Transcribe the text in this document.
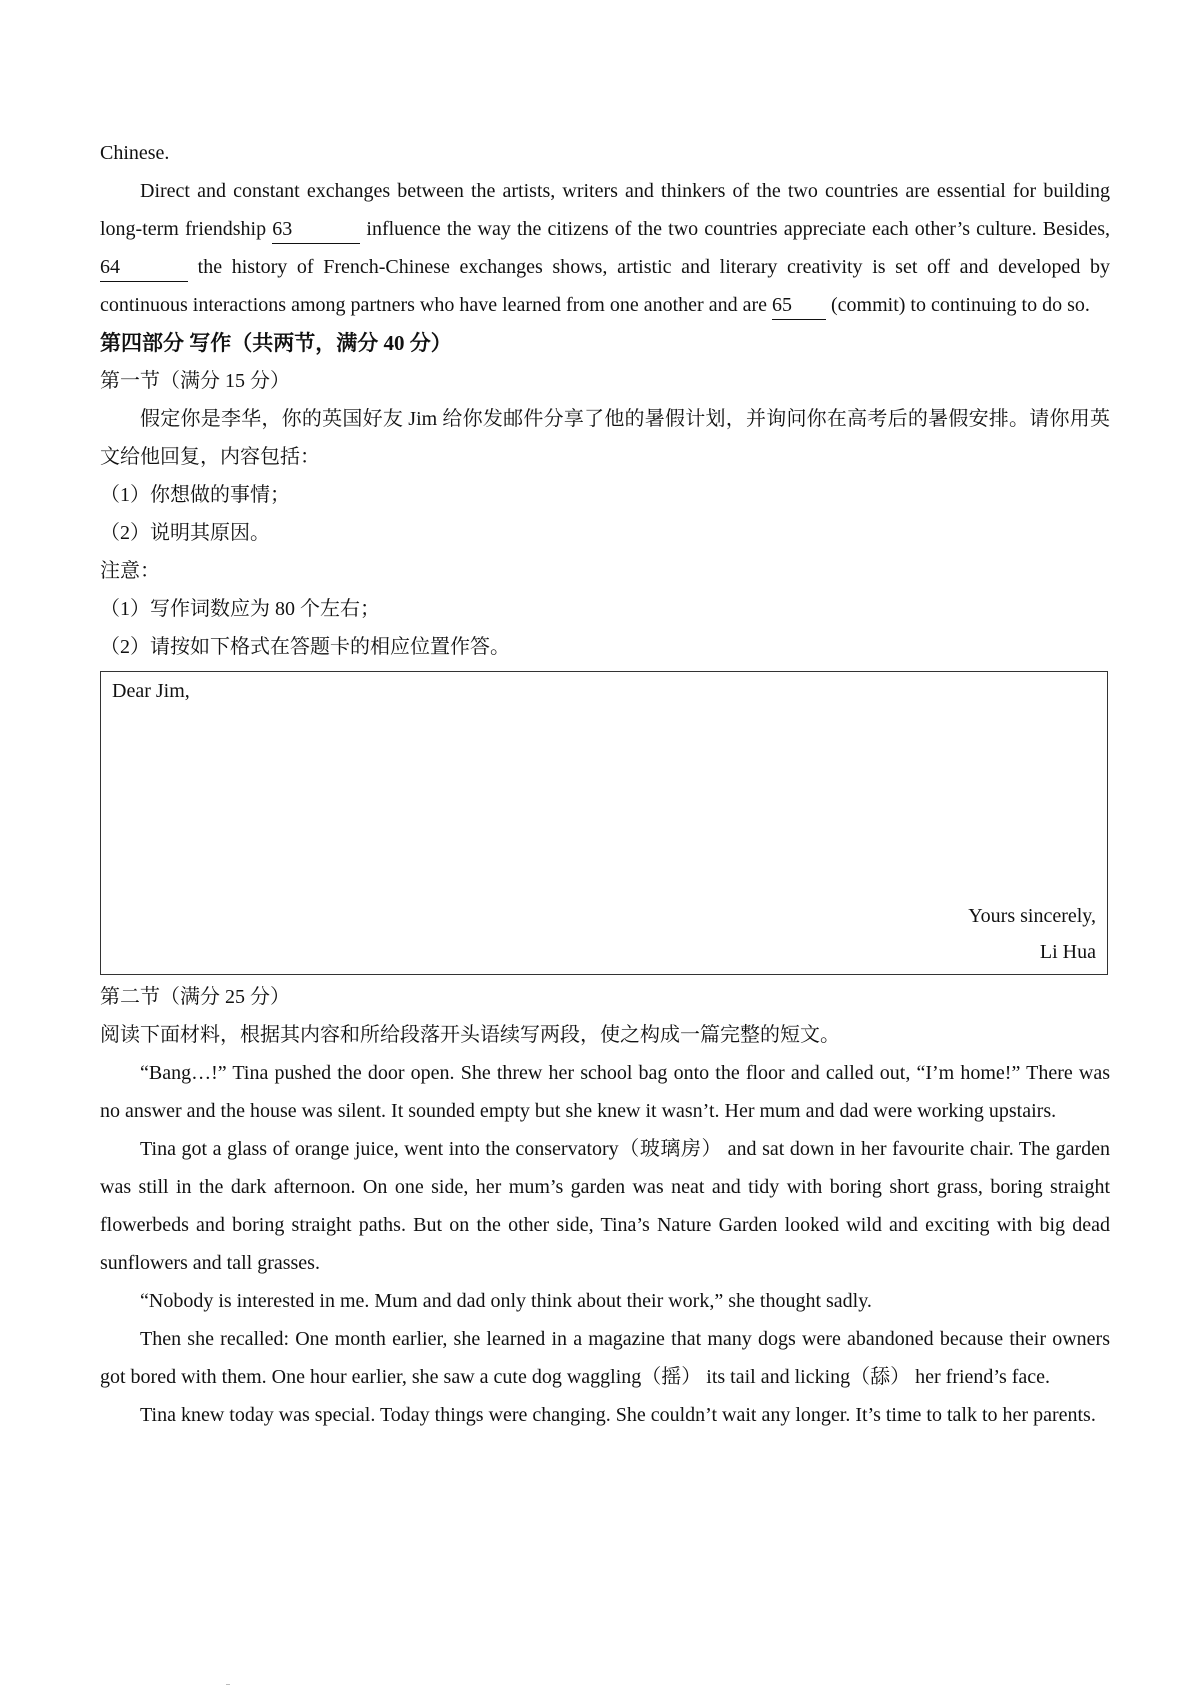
Chinese.

Direct and constant exchanges between the artists, writers and thinkers of the two countries are essential for building long-term friendship 63	influence the way the citizens of the two countries appreciate each other’s culture. Besides, 64	the history of French-Chinese exchanges shows, artistic and literary creativity is set off and developed by continuous interactions among partners who have learned from one another and are 65 (commit) to continuing to do so.

第四部分 写作（共两节，满分 40 分）

第一节（满分 15 分）

假定你是李华，你的英国好友 Jim 给你发邮件分享了他的暑假计划，并询问你在高考后的暑假安排。请你用英文给他回复，内容包括：

（1）你想做的事情；

（2）说明其原因。

注意：

（1）写作词数应为 80 个左右；

（2）请按如下格式在答题卡的相应位置作答。

Dear Jim,
Yours sincerely,
Li Hua

第二节（满分 25 分）

阅读下面材料，根据其内容和所给段落开头语续写两段，使之构成一篇完整的短文。

“Bang…!” Tina pushed the door open. She threw her school bag onto the floor and called out, “I’m home!” There was no answer and the house was silent. It sounded empty but she knew it wasn’t. Her mum and dad were working upstairs.

Tina got a glass of orange juice, went into the conservatory（玻璃房） and sat down in her favourite chair. The garden was still in the dark afternoon. On one side, her mum’s garden was neat and tidy with boring short grass, boring straight flowerbeds and boring straight paths. But on the other side, Tina’s Nature Garden looked wild and exciting with big dead sunflowers and tall grasses.

“Nobody is interested in me. Mum and dad only think about their work,” she thought sadly.

Then she recalled: One month earlier, she learned in a magazine that many dogs were abandoned because their owners got bored with them. One hour earlier, she saw a cute dog waggling（摇） its tail and licking（舔） her friend’s face.

Tina knew today was special. Today things were changing. She couldn’t wait any longer. It’s time to talk to her parents.
